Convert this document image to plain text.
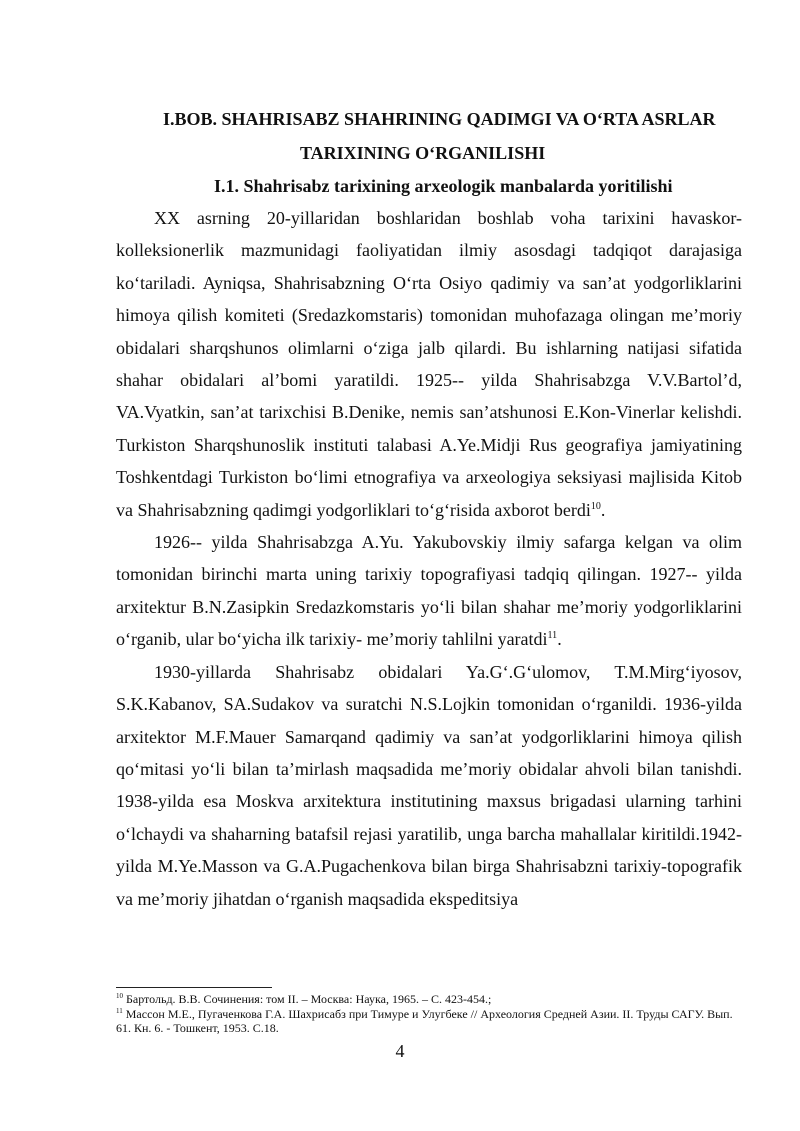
I.BOB. SHAHRISABZ SHAHRINING QADIMGI VA O‘RTA ASRLAR
TARIXINING O‘RGANILISHI
I.1. Shahrisabz tarixining arxeologik manbalarda yoritilishi

XX asrning 20-yillaridan boshlaridan boshlab voha tarixini havaskor-kolleksionerlik mazmunidagi faoliyatidan ilmiy asosdagi tadqiqot darajasiga ko‘tariladi. Ayniqsa, Shahrisabzning O‘rta Osiyo qadimiy va san’at yodgorliklarini himoya qilish komiteti (Sredazkomstaris) tomonidan muhofazaga olingan me’moriy obidalari sharqshunos olimlarni o‘ziga jalb qilardi. Bu ishlarning natijasi sifatida shahar obidalari al’bomi yaratildi. 1925-- yilda Shahrisabzga V.V.Bartol’d, VA.Vyatkin, san’at tarixchisi B.Denike, nemis san’atshunosi E.Kon-Vinerlar kelishdi. Turkiston Sharqshunoslik instituti talabasi A.Ye.Midji Rus geografiya jamiyatining Toshkentdagi Turkiston bo‘limi etnografiya va arxeologiya seksiyasi majlisida Kitob va Shahrisabzning qadimgi yodgorliklari to‘g‘risida axborot berdi$^{10}$.

1926-- yilda Shahrisabzga A.Yu. Yakubovskiy ilmiy safarga kelgan va olim tomonidan birinchi marta uning tarixiy topografiyasi tadqiq qilingan. 1927-- yilda arxitektur B.N.Zasipkin Sredazkomstaris yo‘li bilan shahar me’moriy yodgorliklarini o‘rganib, ular bo‘yicha ilk tarixiy- me’moriy tahlilni yaratdi$^{11}$.

1930-yillarda Shahrisabz obidalari Ya.G‘.G‘ulomov, T.M.Mirg‘iyosov, S.K.Kabanov, SA.Sudakov va suratchi N.S.Lojkin tomonidan o‘rganildi. 1936-yilda arxitektor M.F.Mauer Samarqand qadimiy va san’at yodgorliklarini himoya qilish qo‘mitasi yo‘li bilan ta’mirlash maqsadida me’moriy obidalar ahvoli bilan tanishdi. 1938-yilda esa Moskva arxitektura institutining maxsus brigadasi ularning tarhini o‘lchaydi va shaharning batafsil rejasi yaratilib, unga barcha mahallalar kiritildi.1942-yilda M.Ye.Masson va G.A.Pugachenkova bilan birga Shahrisabzni tarixiy-topografik va me’moriy jihatdan o‘rganish maqsadida ekspeditsiya

$^{10}$ Бартольд. В.В. Сочинения: том II. – Москва: Наука, 1965. – С. 423-454.;

$^{11}$ Массон М.Е., Пугаченкова Г.А. Шахрисабз при Тимуре и Улугбеке // Археология Средней Азии. II. Труды САГУ. Вып. 61. Кн. 6. - Тошкент, 1953. С.18.

4
